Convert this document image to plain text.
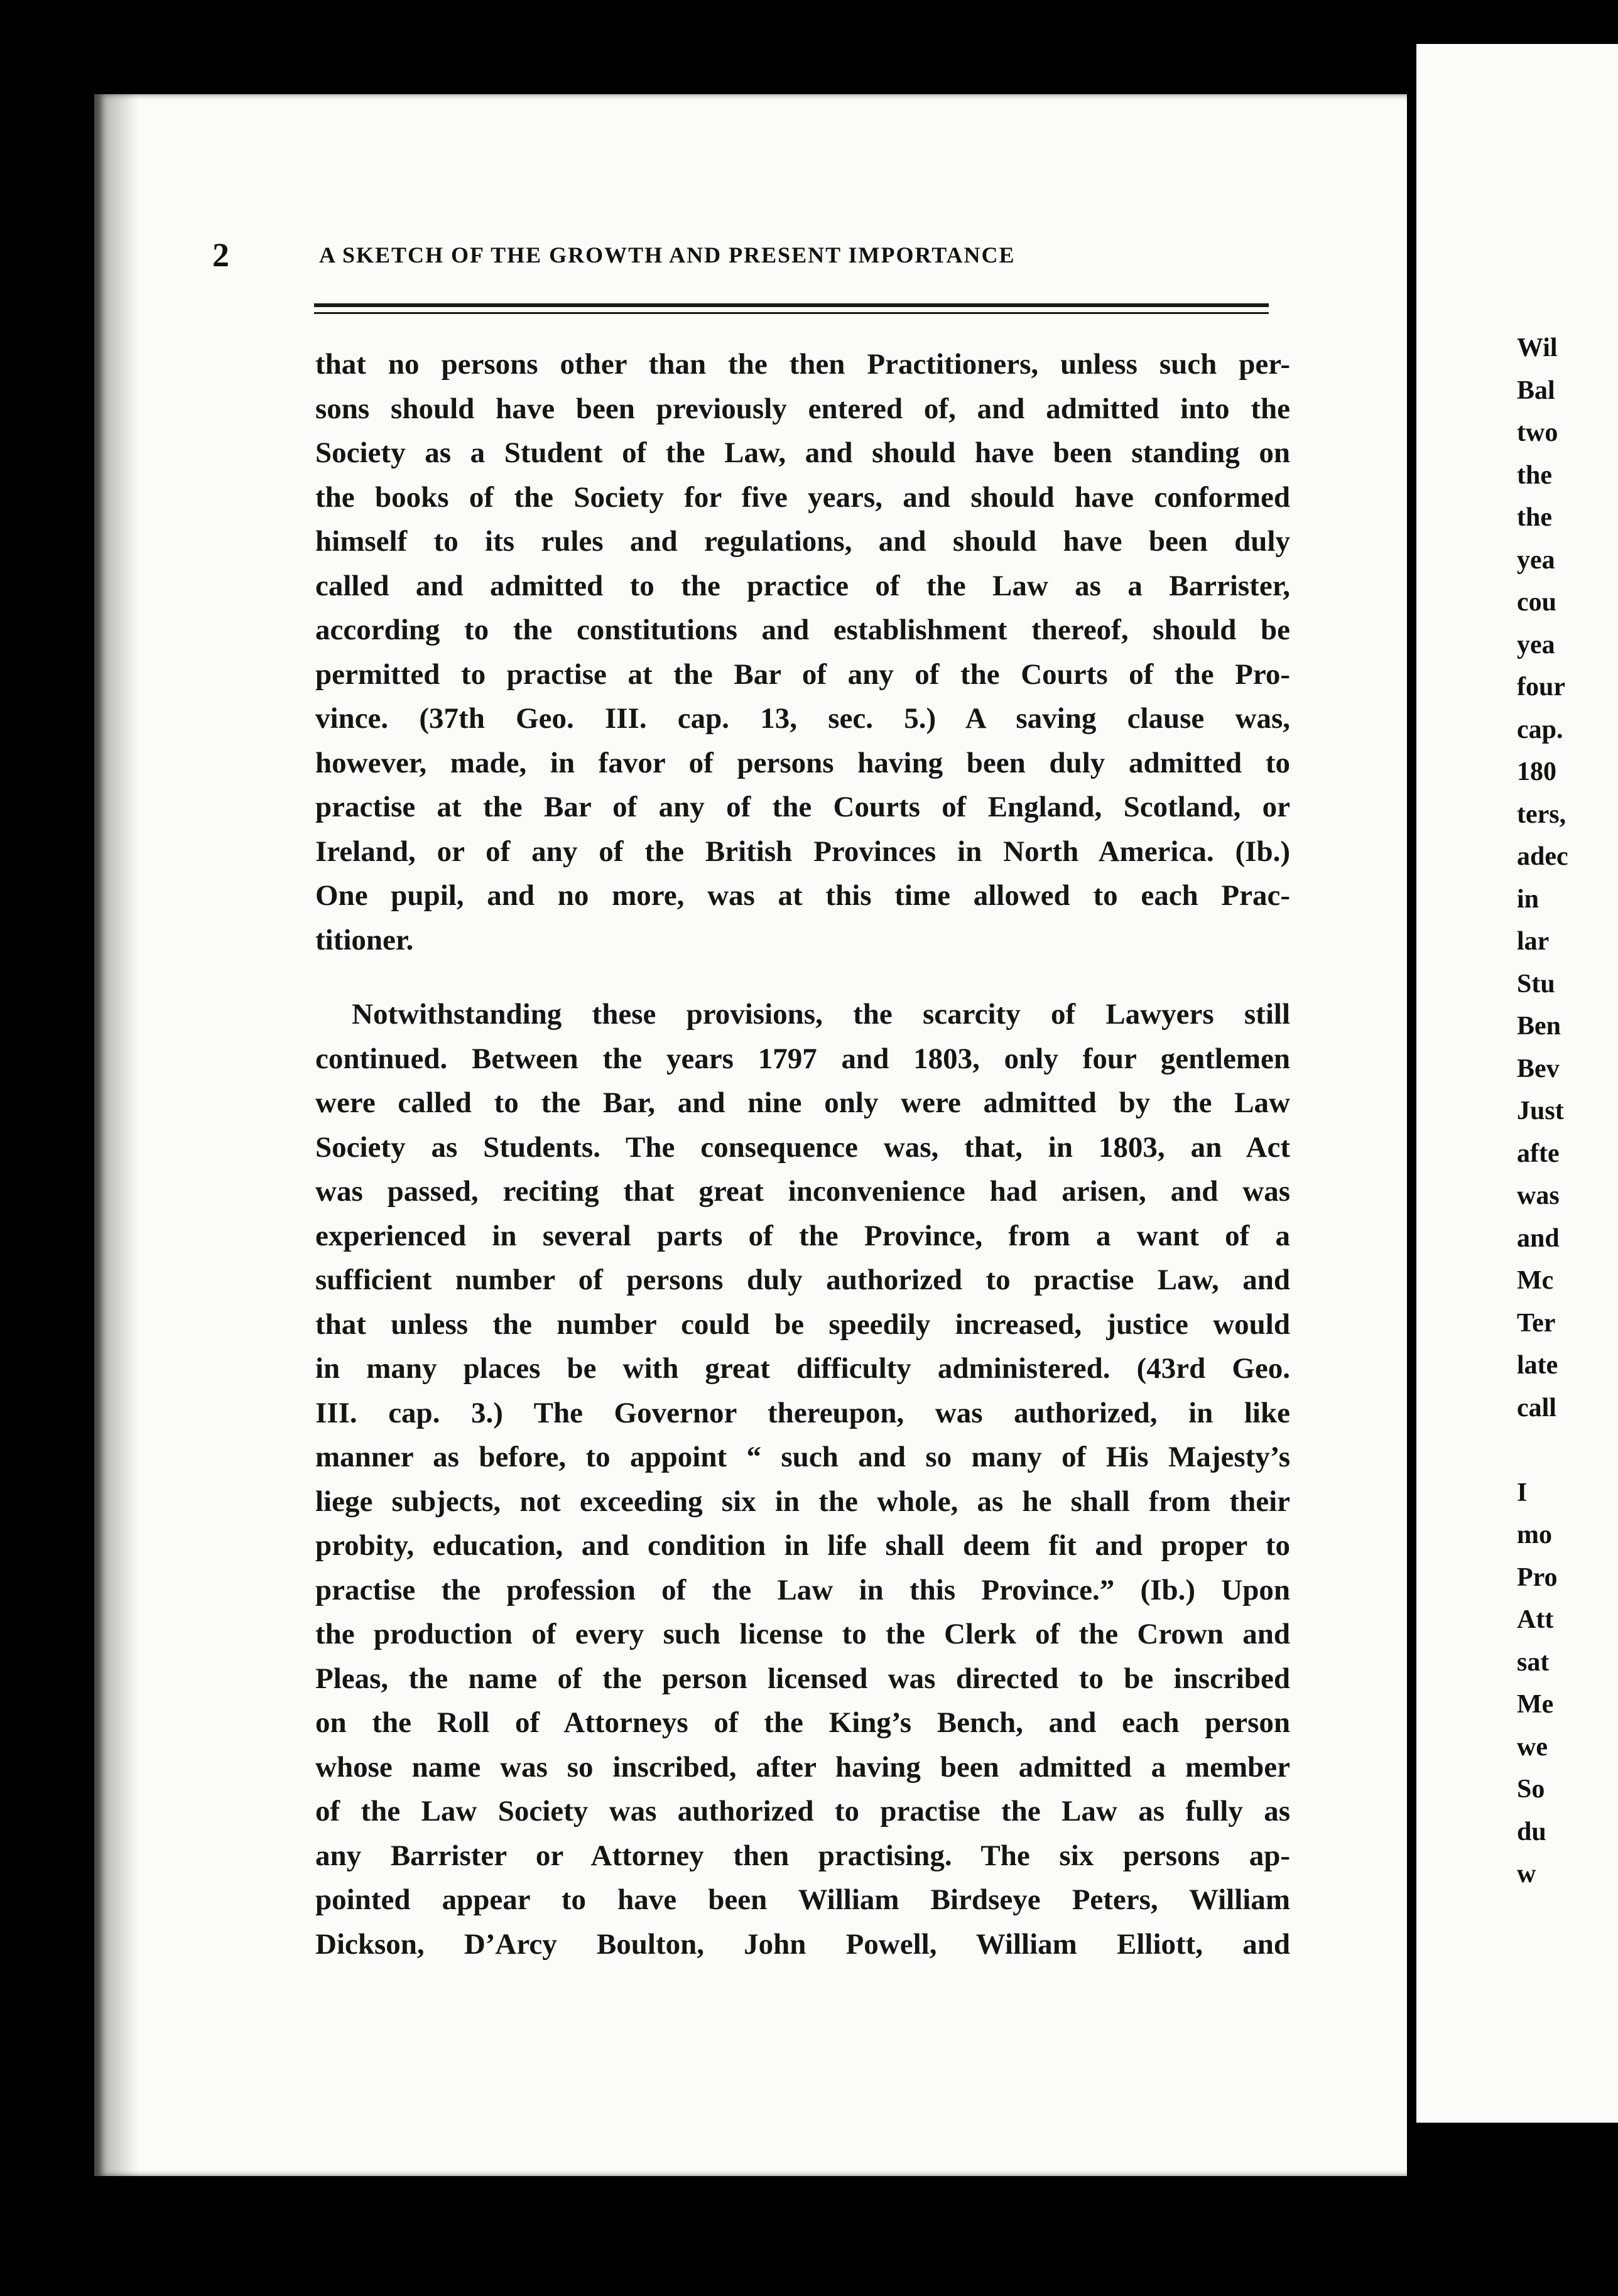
Wil
Bal
two
the
the
yea
cou
yea
four
cap.
180
ters,
adec
in
lar
Stu
Ben
Bev
Just
afte
was
and
Mc
Ter
late
call
I
mo
Pro
Att
sat
Me
we
So
du
w
2	A SKETCH OF THE GROWTH AND PRESENT IMPORTANCE
that no persons other than the then Practitioners, unless such per-
sons should have been previously entered of, and admitted into the
Society as a Student of the Law, and should have been standing on
the books of the Society for five years, and should have conformed
himself to its rules and regulations, and should have been duly
called and admitted to the practice of the Law as a Barrister,
according to the constitutions and establishment thereof, should be
permitted to practise at the Bar of any of the Courts of the Pro-
vince. (37th Geo. III. cap. 13, sec. 5.) A saving clause was,
however, made, in favor of persons having been duly admitted to
practise at the Bar of any of the Courts of England, Scotland, or
Ireland, or of any of the British Provinces in North America. (Ib.)
One pupil, and no more, was at this time allowed to each Prac-
titioner.
Notwithstanding these provisions, the scarcity of Lawyers still
continued. Between the years 1797 and 1803, only four gentlemen
were called to the Bar, and nine only were admitted by the Law
Society as Students. The consequence was, that, in 1803, an Act
was passed, reciting that great inconvenience had arisen, and was
experienced in several parts of the Province, from a want of a
sufficient number of persons duly authorized to practise Law, and
that unless the number could be speedily increased, justice would
in many places be with great difficulty administered. (43rd Geo.
III. cap. 3.) The Governor thereupon, was authorized, in like
manner as before, to appoint “ such and so many of His Majesty’s
liege subjects, not exceeding six in the whole, as he shall from their
probity, education, and condition in life shall deem fit and proper to
practise the profession of the Law in this Province.” (Ib.) Upon
the production of every such license to the Clerk of the Crown and
Pleas, the name of the person licensed was directed to be inscribed
on the Roll of Attorneys of the King’s Bench, and each person
whose name was so inscribed, after having been admitted a member
of the Law Society was authorized to practise the Law as fully as
any Barrister or Attorney then practising. The six persons ap-
pointed appear to have been William Birdseye Peters, William
Dickson, D’Arcy Boulton, John Powell, William Elliott, and
